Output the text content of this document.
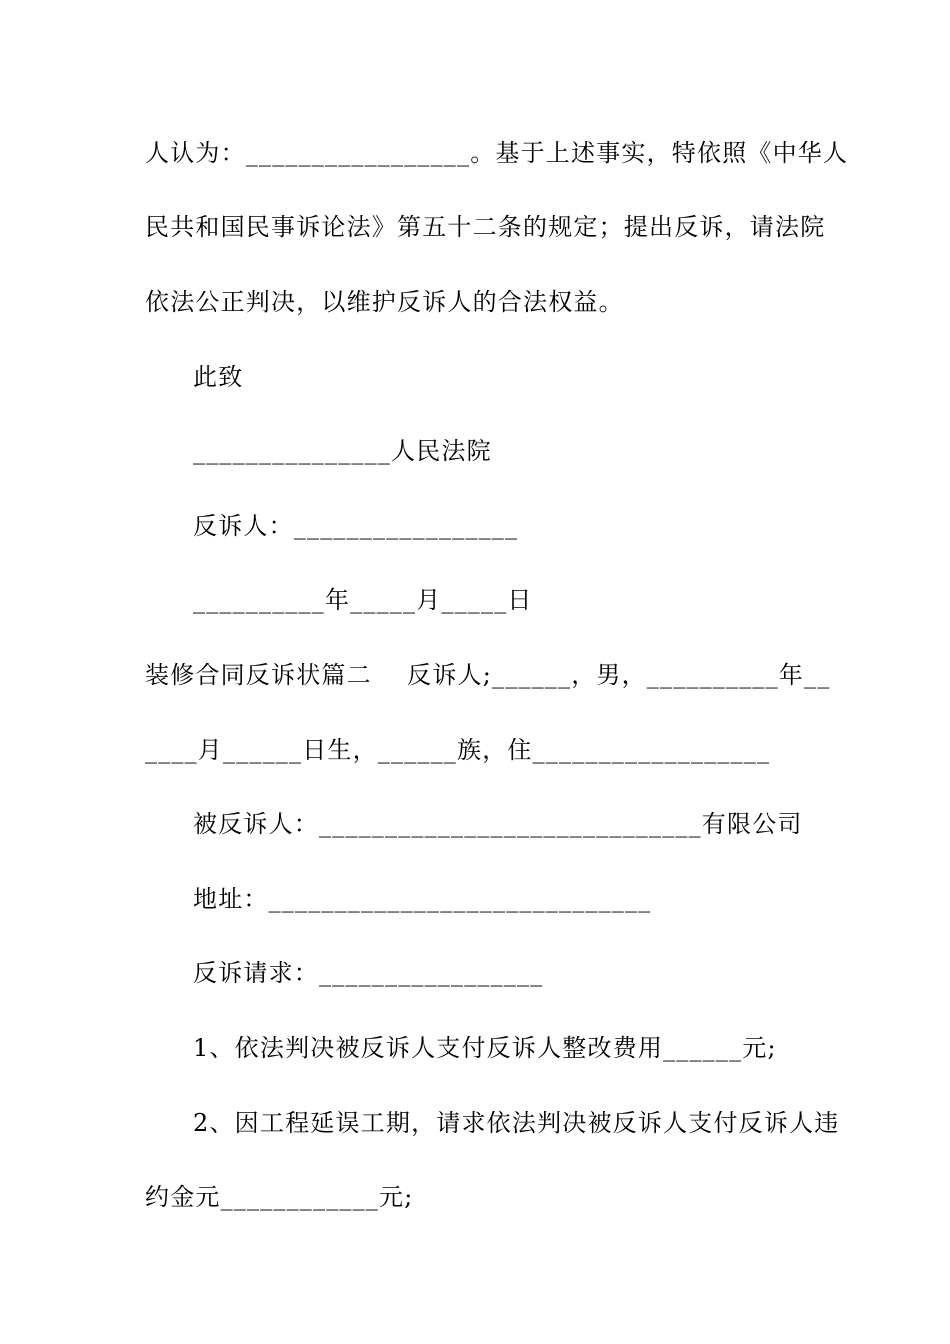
人认为：_________________。基于上述事实，特依照《中华人
民共和国民事诉论法》第五十二条的规定；提出反诉，请法院
依法公正判决，以维护反诉人的合法权益。
此致
_______________人民法院
反诉人：_________________
__________年_____月_____日
装修合同反诉状篇二    反诉人;______，男，__________年__
____月______日生，______族，住__________________
被反诉人：_____________________________有限公司
地址：_____________________________
反诉请求：_________________
1、依法判决被反诉人支付反诉人整改费用______元;
2、因工程延误工期，请求依法判决被反诉人支付反诉人违
约金元____________元;
